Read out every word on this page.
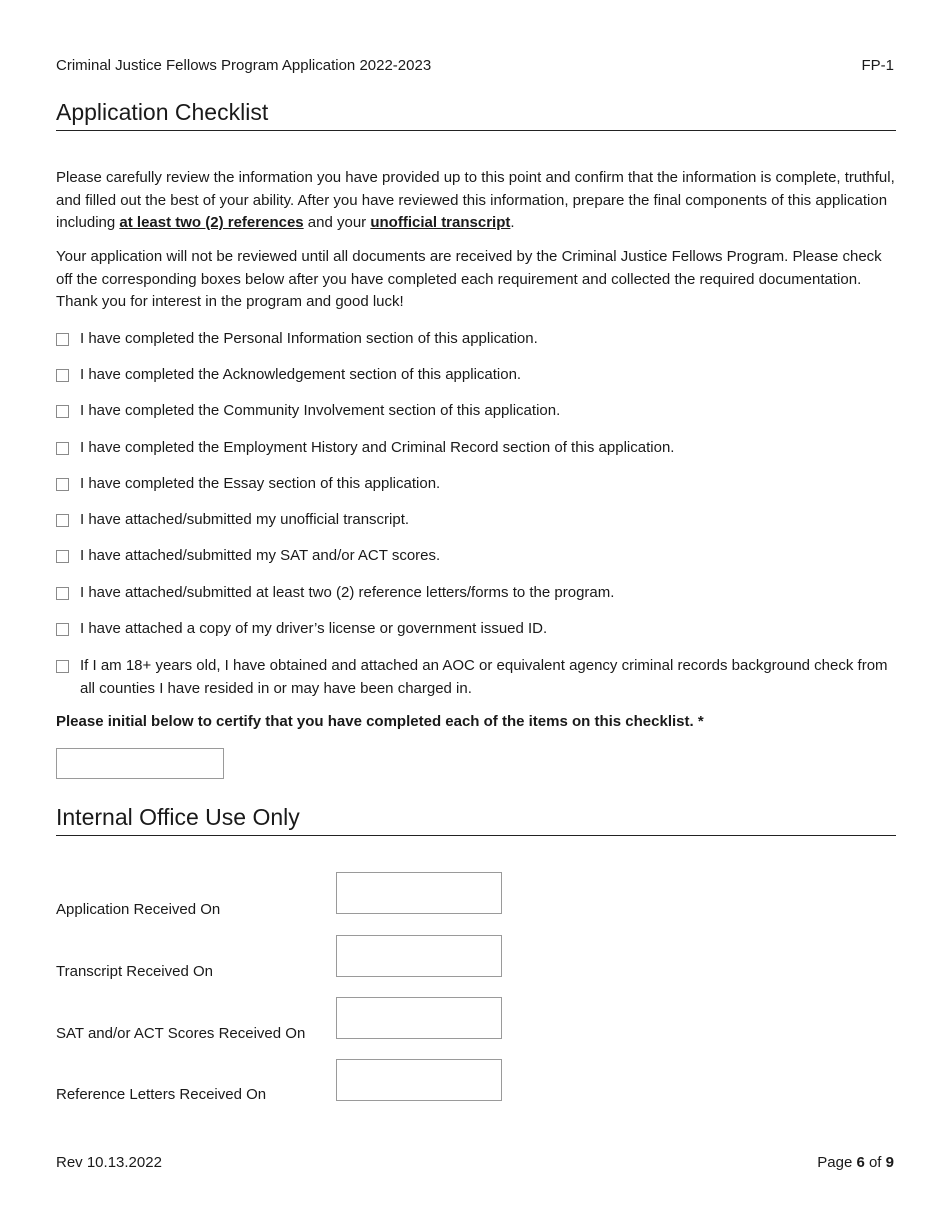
Criminal Justice Fellows Program Application 2022-2023	FP-1
Application Checklist
Please carefully review the information you have provided up to this point and confirm that the information is complete, truthful, and filled out the best of your ability. After you have reviewed this information, prepare the final components of this application including at least two (2) references and your unofficial transcript.
Your application will not be reviewed until all documents are received by the Criminal Justice Fellows Program. Please check off the corresponding boxes below after you have completed each requirement and collected the required documentation. Thank you for interest in the program and good luck!
I have completed the Personal Information section of this application.
I have completed the Acknowledgement section of this application.
I have completed the Community Involvement section of this application.
I have completed the Employment History and Criminal Record section of this application.
I have completed the Essay section of this application.
I have attached/submitted my unofficial transcript.
I have attached/submitted my SAT and/or ACT scores.
I have attached/submitted at least two (2) reference letters/forms to the program.
I have attached a copy of my driver’s license or government issued ID.
If I am 18+ years old, I have obtained and attached an AOC or equivalent agency criminal records background check from all counties I have resided in or may have been charged in.
Please initial below to certify that you have completed each of the items on this checklist. *
Internal Office Use Only
Application Received On
Transcript Received On
SAT and/or ACT Scores Received On
Reference Letters Received On
Rev 10.13.2022	Page 6 of 9
